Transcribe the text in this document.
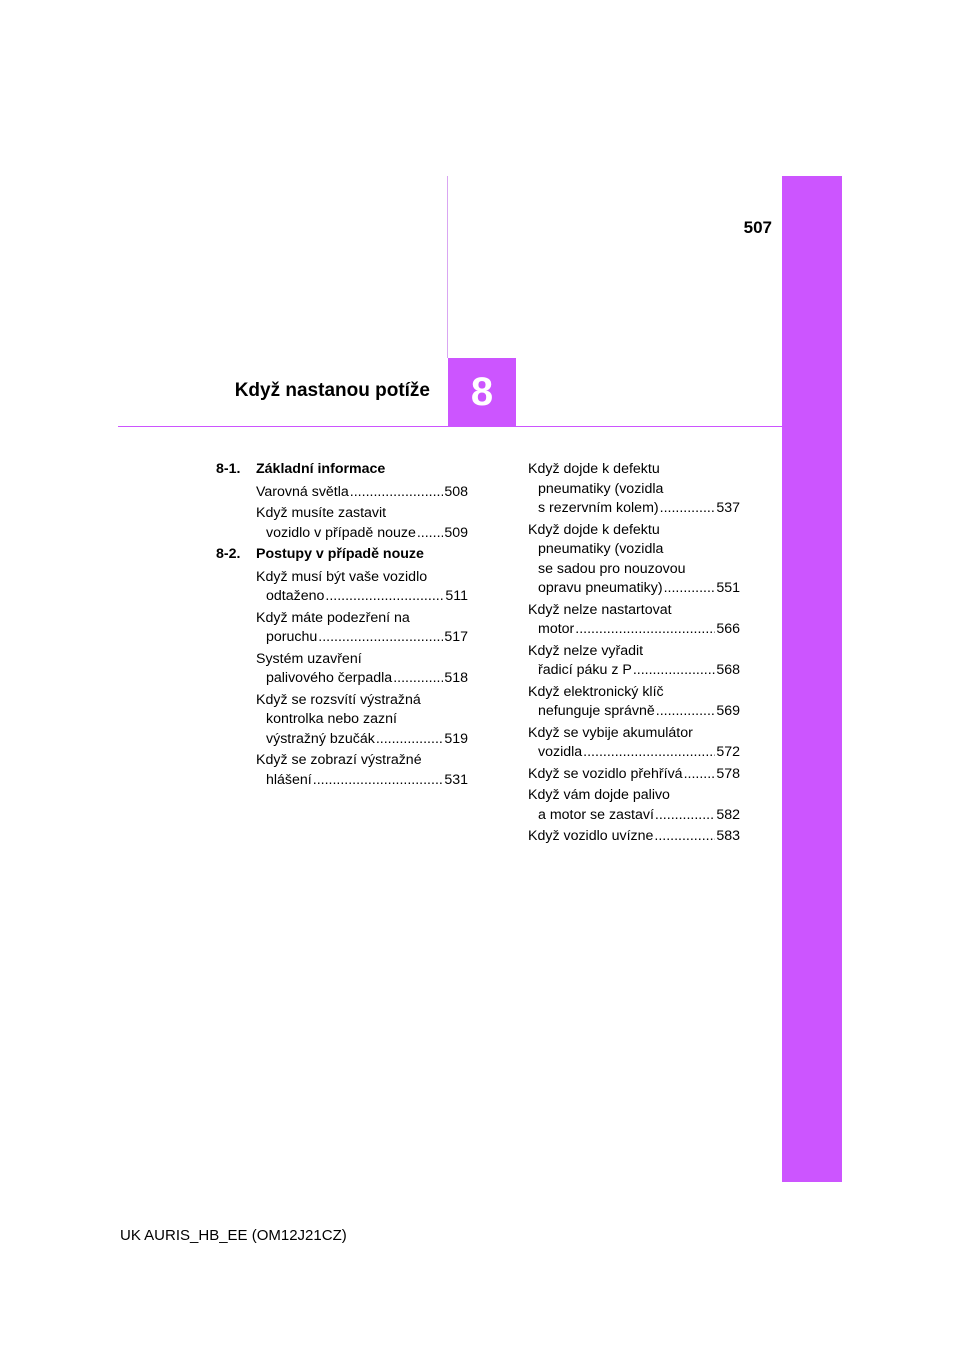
507
Když nastanou potíže	8
8-1. Základní informace
Varovná světla .....	508
Když musíte zastavit
vozidlo v případě nouze ..... 509
8-2. Postupy v případě nouze
Když musí být vaše vozidlo
odtaženo .....	511
Když máte podezření na
poruchu .....	517
Systém uzavření
palivového čerpadla .....	518
Když se rozsvítí výstražná
kontrolka nebo zazní
výstražný bzučák .....	519
Když se zobrazí výstražné
hlášení .....	531
Když dojde k defektu
pneumatiky (vozidla
s rezervním kolem) .....	537
Když dojde k defektu
pneumatiky (vozidla
se sadou pro nouzovou
opravu pneumatiky) .....	551
Když nelze nastartovat
motor .....	566
Když nelze vyřadit
řadicí páku z P .....	568
Když elektronický klíč
nefunguje správně .....	569
Když se vybije akumulátor
vozidla .....	572
Když se vozidlo přehřívá ..... 578
Když vám dojde palivo
a motor se zastaví .....	582
Když vozidlo uvízne .....	583
UK AURIS_HB_EE (OM12J21CZ)
